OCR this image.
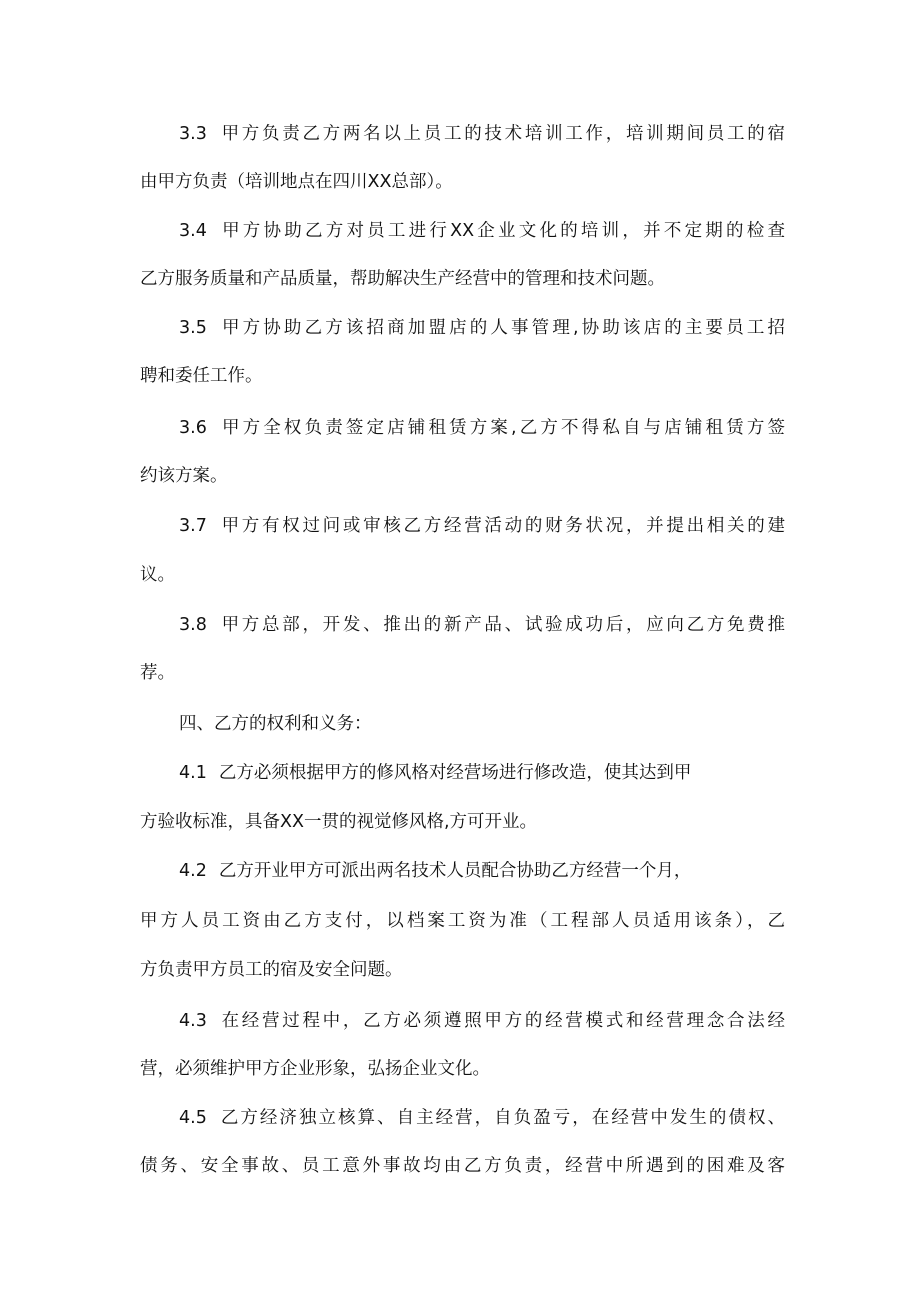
3.3 甲方负责乙方两名以上员工的技术培训工作，培训期间员工的宿
由甲方负责（培训地点在四川XX总部）。
3.4 甲方协助乙方对员工进行XX企业文化的培训，并不定期的检查
乙方服务质量和产品质量，帮助解决生产经营中的管理和技术问题。
3.5 甲方协助乙方该招商加盟店的人事管理,协助该店的主要员工招
聘和委任工作。
3.6 甲方全权负责签定店铺租赁方案,乙方不得私自与店铺租赁方签
约该方案。
3.7 甲方有权过问或审核乙方经营活动的财务状况，并提出相关的建
议。
3.8 甲方总部，开发、推出的新产品、试验成功后，应向乙方免费推
荐。
四、乙方的权利和义务：
4.1 乙方必须根据甲方的修风格对经营场进行修改造，使其达到甲
方验收标准，具备XX一贯的视觉修风格,方可开业。
4.2 乙方开业甲方可派出两名技术人员配合协助乙方经营一个月，
甲方人员工资由乙方支付，以档案工资为准（工程部人员适用该条），乙
方负责甲方员工的宿及安全问题。
4.3 在经营过程中，乙方必须遵照甲方的经营模式和经营理念合法经
营，必须维护甲方企业形象，弘扬企业文化。
4.5 乙方经济独立核算、自主经营，自负盈亏，在经营中发生的债权、
债务、安全事故、员工意外事故均由乙方负责，经营中所遇到的困难及客
